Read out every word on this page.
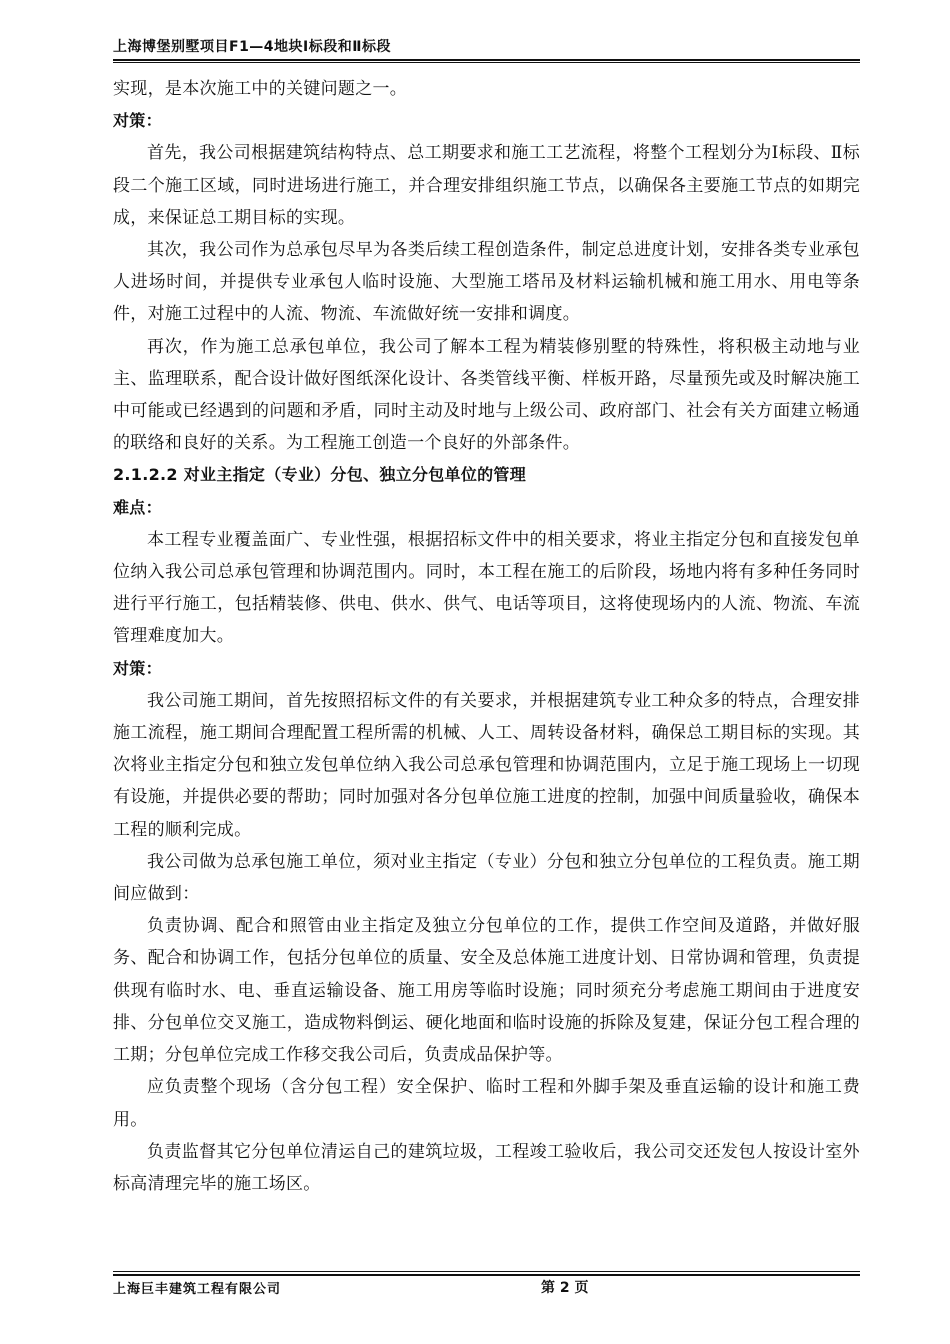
上海博堡别墅项目F1—4地块Ⅰ标段和Ⅱ标段

实现，是本次施工中的关键问题之一。

对策：

首先，我公司根据建筑结构特点、总工期要求和施工工艺流程，将整个工程划分为Ⅰ标段、Ⅱ标段二个施工区域，同时进场进行施工，并合理安排组织施工节点，以确保各主要施工节点的如期完成，来保证总工期目标的实现。

其次，我公司作为总承包尽早为各类后续工程创造条件，制定总进度计划，安排各类专业承包人进场时间，并提供专业承包人临时设施、大型施工塔吊及材料运输机械和施工用水、用电等条件，对施工过程中的人流、物流、车流做好统一安排和调度。

再次，作为施工总承包单位，我公司了解本工程为精装修别墅的特殊性，将积极主动地与业主、监理联系，配合设计做好图纸深化设计、各类管线平衡、样板开路，尽量预先或及时解决施工中可能或已经遇到的问题和矛盾，同时主动及时地与上级公司、政府部门、社会有关方面建立畅通的联络和良好的关系。为工程施工创造一个良好的外部条件。

2.1.2.2 对业主指定（专业）分包、独立分包单位的管理

难点：

本工程专业覆盖面广、专业性强，根据招标文件中的相关要求，将业主指定分包和直接发包单位纳入我公司总承包管理和协调范围内。同时，本工程在施工的后阶段，场地内将有多种任务同时进行平行施工，包括精装修、供电、供水、供气、电话等项目，这将使现场内的人流、物流、车流管理难度加大。

对策：

我公司施工期间，首先按照招标文件的有关要求，并根据建筑专业工种众多的特点，合理安排施工流程，施工期间合理配置工程所需的机械、人工、周转设备材料，确保总工期目标的实现。其次将业主指定分包和独立发包单位纳入我公司总承包管理和协调范围内，立足于施工现场上一切现有设施，并提供必要的帮助；同时加强对各分包单位施工进度的控制，加强中间质量验收，确保本工程的顺利完成。

我公司做为总承包施工单位，须对业主指定（专业）分包和独立分包单位的工程负责。施工期间应做到：

负责协调、配合和照管由业主指定及独立分包单位的工作，提供工作空间及道路，并做好服务、配合和协调工作，包括分包单位的质量、安全及总体施工进度计划、日常协调和管理，负责提供现有临时水、电、垂直运输设备、施工用房等临时设施；同时须充分考虑施工期间由于进度安排、分包单位交叉施工，造成物料倒运、硬化地面和临时设施的拆除及复建，保证分包工程合理的工期；分包单位完成工作移交我公司后，负责成品保护等。

应负责整个现场（含分包工程）安全保护、临时工程和外脚手架及垂直运输的设计和施工费用。

负责监督其它分包单位清运自己的建筑垃圾，工程竣工验收后，我公司交还发包人按设计室外标高清理完毕的施工场区。

上海巨丰建筑工程有限公司	第 2 页
